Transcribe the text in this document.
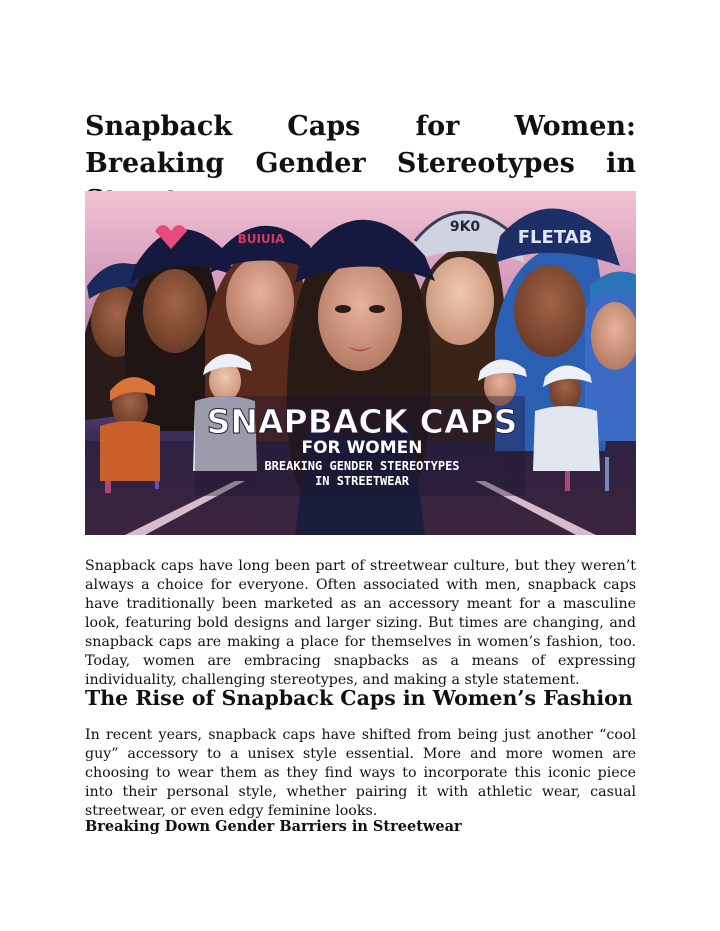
Snapback Caps for Women: Breaking Gender Stereotypes in
BUIUIA
9K0 FLETAB
SNAPBACK CAPS
FOR WOMEN
BREAKING GENDER STEREOTYPES
IN STREETWEAR

Snapback caps have long been part of streetwear culture, but they weren’t always a choice for everyone. Often associated with men, snapback caps have traditionally been marketed as an accessory meant for a masculine look, featuring bold designs and larger sizing. But times are changing, and snapback caps are making a place for themselves in women’s fashion, too. Today, women are embracing snapbacks as a means of expressing individuality, challenging stereotypes, and making a style statement.

The Rise of Snapback Caps in Women’s Fashion

In recent years, snapback caps have shifted from being just another “cool guy” accessory to a unisex style essential. More and more women are choosing to wear them as they find ways to incorporate this iconic piece into their personal style, whether pairing it with athletic wear, casual streetwear, or even edgy feminine looks.

Breaking Down Gender Barriers in Streetwear
